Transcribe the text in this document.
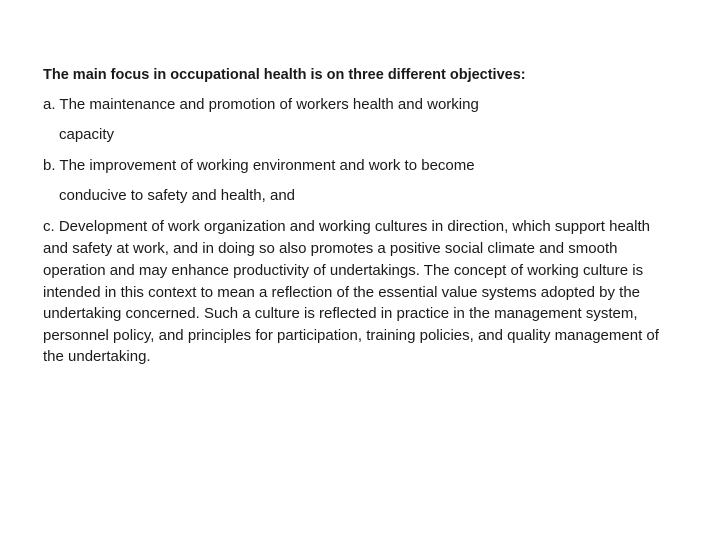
The main focus in occupational health is on three different objectives:
a. The maintenance and promotion of workers health and working
capacity
b. The improvement of working environment and work to become
conducive to safety and health, and
c. Development of work organization and working cultures in direction, which support health
and safety at work, and in doing so also promotes a positive social climate and smooth
operation and may enhance productivity of undertakings. The concept of working culture is
intended in this context to mean a reflection of the essential value systems adopted by the
undertaking concerned. Such a culture is reflected in practice in the management system,
personnel policy, and principles for participation, training policies, and quality management of
the undertaking.
